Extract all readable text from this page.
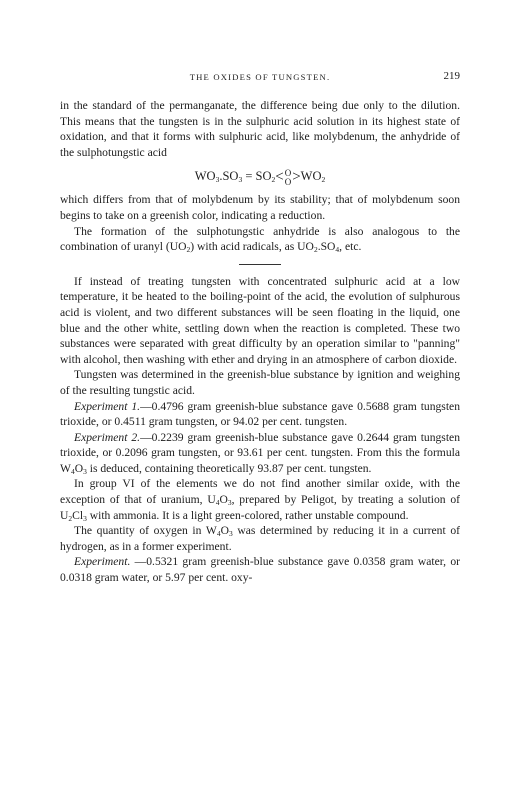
THE OXIDES OF TUNGSTEN.	219

in the standard of the permanganate, the difference being due only to the dilution. This means that the tungsten is in the sulphuric acid solution in its highest state of oxidation, and that it forms with sulphuric acid, like molybdenum, the anhydride of the sulphotungstic acid

$WO_3.SO_3 = SO_2<O$
$O>WO_2$

which differs from that of molybdenum by its stability; that of molybdenum soon begins to take on a greenish color, indicating a reduction.

The formation of the sulphotungstic anhydride is also analogous to the combination of uranyl $(UO_2)$ with acid radicals, as $UO_2.SO_4$, etc.

If instead of treating tungsten with concentrated sulphuric acid at a low temperature, it be heated to the boiling-point of the acid, the evolution of sulphurous acid is violent, and two different substances will be seen floating in the liquid, one blue and the other white, settling down when the reaction is completed. These two substances were separated with great difficulty by an operation similar to "panning" with alcohol, then washing with ether and drying in an atmosphere of carbon dioxide.

Tungsten was determined in the greenish-blue substance by ignition and weighing of the resulting tungstic acid.

Experiment 1.—0.4796 gram greenish-blue substance gave 0.5688 gram tungsten trioxide, or 0.4511 gram tungsten, or 94.02 per cent. tungsten.

Experiment 2.—0.2239 gram greenish-blue substance gave 0.2644 gram tungsten trioxide, or 0.2096 gram tungsten, or 93.61 per cent. tungsten. From this the formula $W_4O_3$ is deduced, containing theoretically 93.87 per cent. tungsten.

In group VI of the elements we do not find another similar oxide, with the exception of that of uranium, $U_4O_3$, prepared by Peligot, by treating a solution of $U_2Cl_3$ with ammonia. It is a light green-colored, rather unstable compound.

The quantity of oxygen in $W_4O_3$ was determined by reducing it in a current of hydrogen, as in a former experiment.

Experiment. —0.5321 gram greenish-blue substance gave 0.0358 gram water, or 0.0318 gram water, or 5.97 per cent. oxy-
